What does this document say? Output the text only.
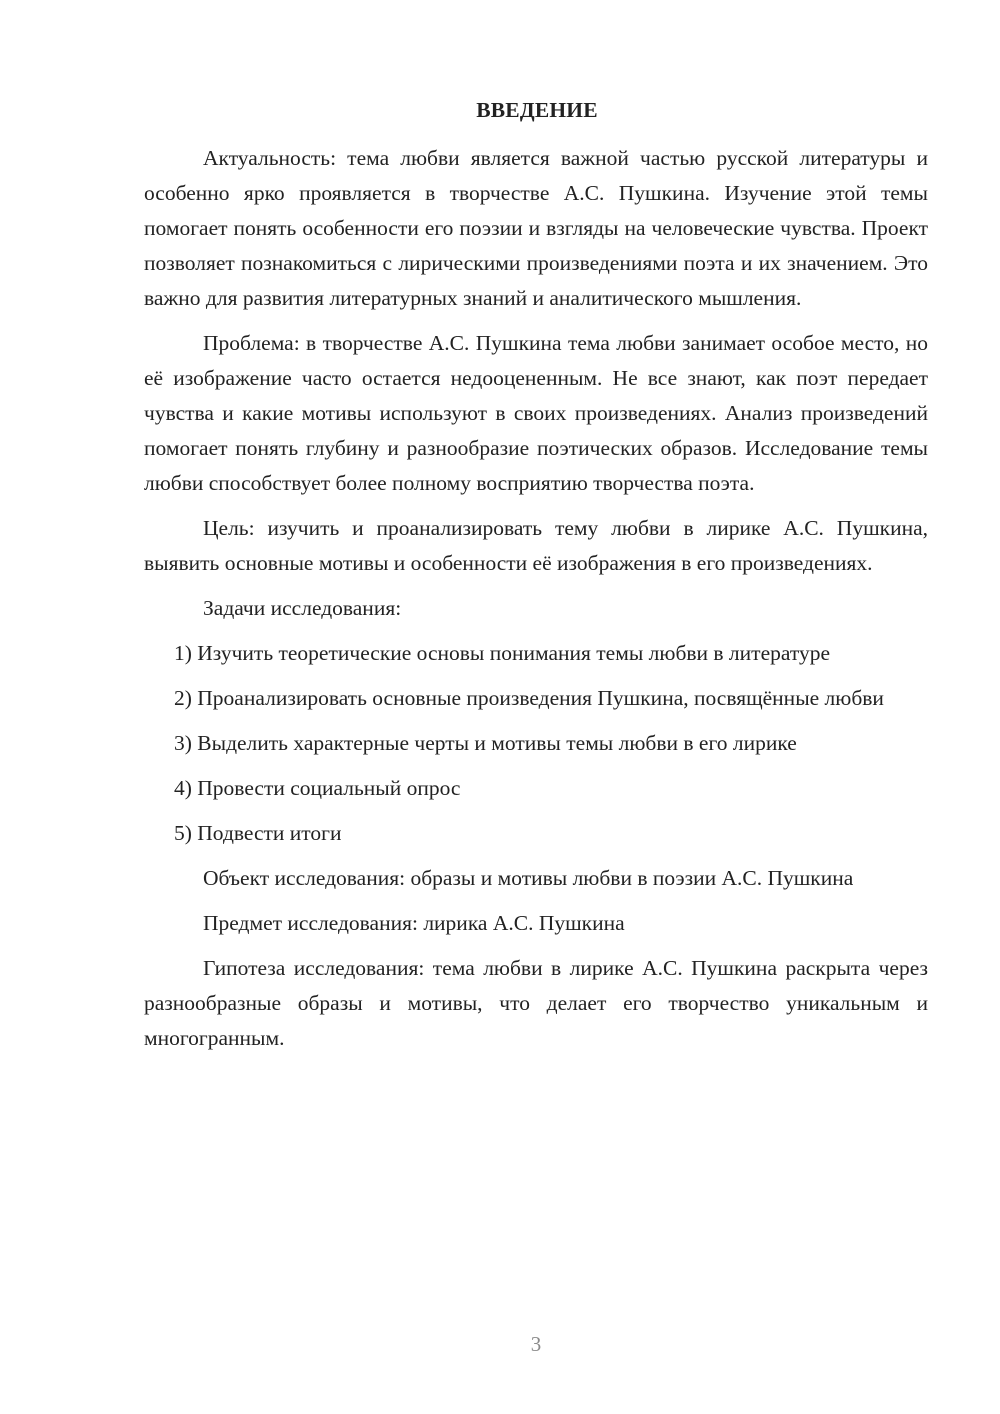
ВВЕДЕНИЕ

Актуальность: тема любви является важной частью русской литературы и особенно ярко проявляется в творчестве А.С. Пушкина. Изучение этой темы помогает понять особенности его поэзии и взгляды на человеческие чувства. Проект позволяет познакомиться с лирическими произведениями поэта и их значением. Это важно для развития литературных знаний и аналитического мышления.

Проблема: в творчестве А.С. Пушкина тема любви занимает особое место, но её изображение часто остается недооцененным. Не все знают, как поэт передает чувства и какие мотивы используют в своих произведениях. Анализ произведений помогает понять глубину и разнообразие поэтических образов. Исследование темы любви способствует более полному восприятию творчества поэта.

Цель: изучить и проанализировать тему любви в лирике А.С. Пушкина, выявить основные мотивы и особенности её изображения в его произведениях.

Задачи исследования:

1) Изучить теоретические основы понимания темы любви в литературе

2) Проанализировать основные произведения Пушкина, посвящённые любви

3) Выделить характерные черты и мотивы темы любви в его лирике

4) Провести социальный опрос

5) Подвести итоги

Объект исследования: образы и мотивы любви в поэзии А.С. Пушкина

Предмет исследования: лирика А.С. Пушкина

Гипотеза исследования: тема любви в лирике А.С. Пушкина раскрыта через разнообразные образы и мотивы, что делает его творчество уникальным и многогранным.

3
